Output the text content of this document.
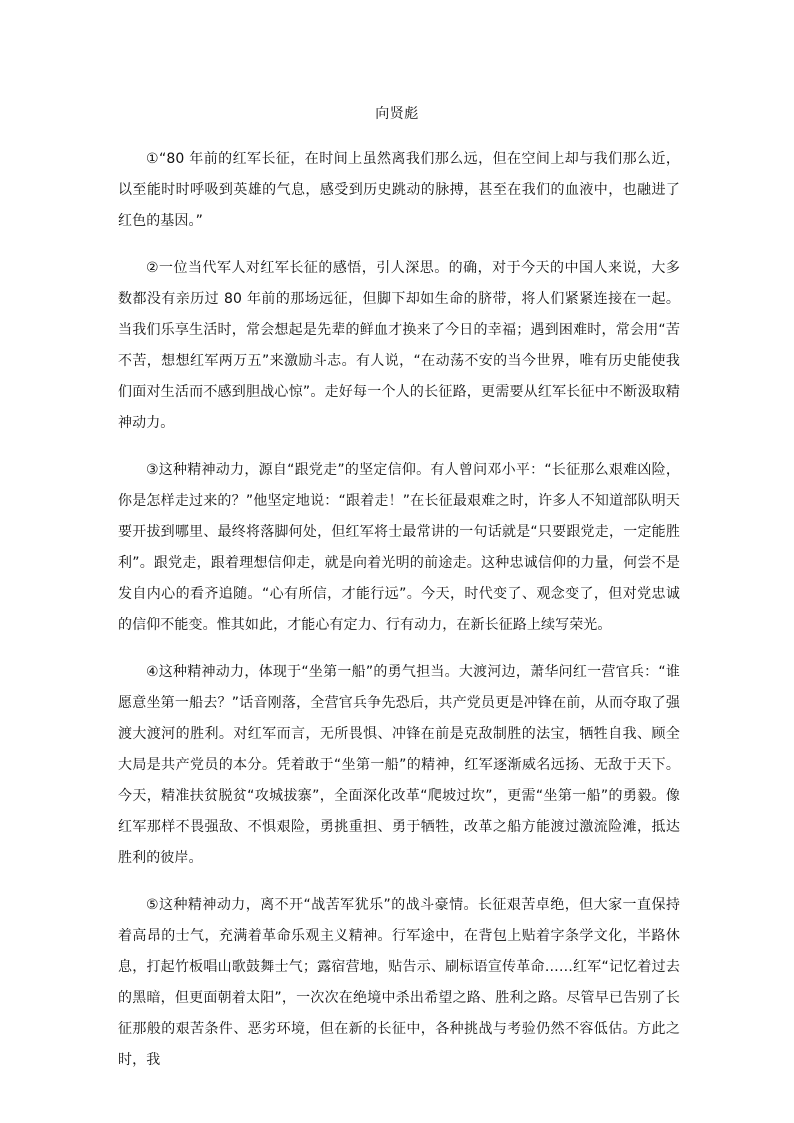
向贤彪

①“80 年前的红军长征，在时间上虽然离我们那么远，但在空间上却与我们那么近，以至能时时呼吸到英雄的气息，感受到历史跳动的脉搏，甚至在我们的血液中，也融进了红色的基因。”

②一位当代军人对红军长征的感悟，引人深思。的确，对于今天的中国人来说，大多数都没有亲历过 80 年前的那场远征，但脚下却如生命的脐带，将人们紧紧连接在一起。当我们乐享生活时，常会想起是先辈的鲜血才换来了今日的幸福；遇到困难时，常会用“苦不苦，想想红军两万五”来激励斗志。有人说，“在动荡不安的当今世界，唯有历史能使我们面对生活而不感到胆战心惊”。走好每一个人的长征路，更需要从红军长征中不断汲取精神动力。

③这种精神动力，源自“跟党走”的坚定信仰。有人曾问邓小平：“长征那么艰难凶险，你是怎样走过来的？”他坚定地说：“跟着走！”在长征最艰难之时，许多人不知道部队明天要开拔到哪里、最终将落脚何处，但红军将士最常讲的一句话就是“只要跟党走，一定能胜利”。跟党走，跟着理想信仰走，就是向着光明的前途走。这种忠诚信仰的力量，何尝不是发自内心的看齐追随。“心有所信，才能行远”。今天，时代变了、观念变了，但对党忠诚的信仰不能变。惟其如此，才能心有定力、行有动力，在新长征路上续写荣光。

④这种精神动力，体现于“坐第一船”的勇气担当。大渡河边，萧华问红一营官兵：“谁愿意坐第一船去？”话音刚落，全营官兵争先恐后，共产党员更是冲锋在前，从而夺取了强渡大渡河的胜利。对红军而言，无所畏惧、冲锋在前是克敌制胜的法宝，牺牲自我、顾全大局是共产党员的本分。凭着敢于“坐第一船”的精神，红军逐渐威名远扬、无敌于天下。今天，精准扶贫脱贫“攻城拔寨”，全面深化改革“爬坡过坎”，更需“坐第一船”的勇毅。像红军那样不畏强敌、不惧艰险，勇挑重担、勇于牺牲，改革之船方能渡过激流险滩，抵达胜利的彼岸。

⑤这种精神动力，离不开“战苦军犹乐”的战斗豪情。长征艰苦卓绝，但大家一直保持着高昂的士气，充满着革命乐观主义精神。行军途中，在背包上贴着字条学文化，半路休息，打起竹板唱山歌鼓舞士气；露宿营地，贴告示、刷标语宣传革命……红军“记忆着过去的黑暗，但更面朝着太阳”，一次次在绝境中杀出希望之路、胜利之路。尽管早已告别了长征那般的艰苦条件、恶劣环境，但在新的长征中，各种挑战与考验仍然不容低估。方此之时，我
